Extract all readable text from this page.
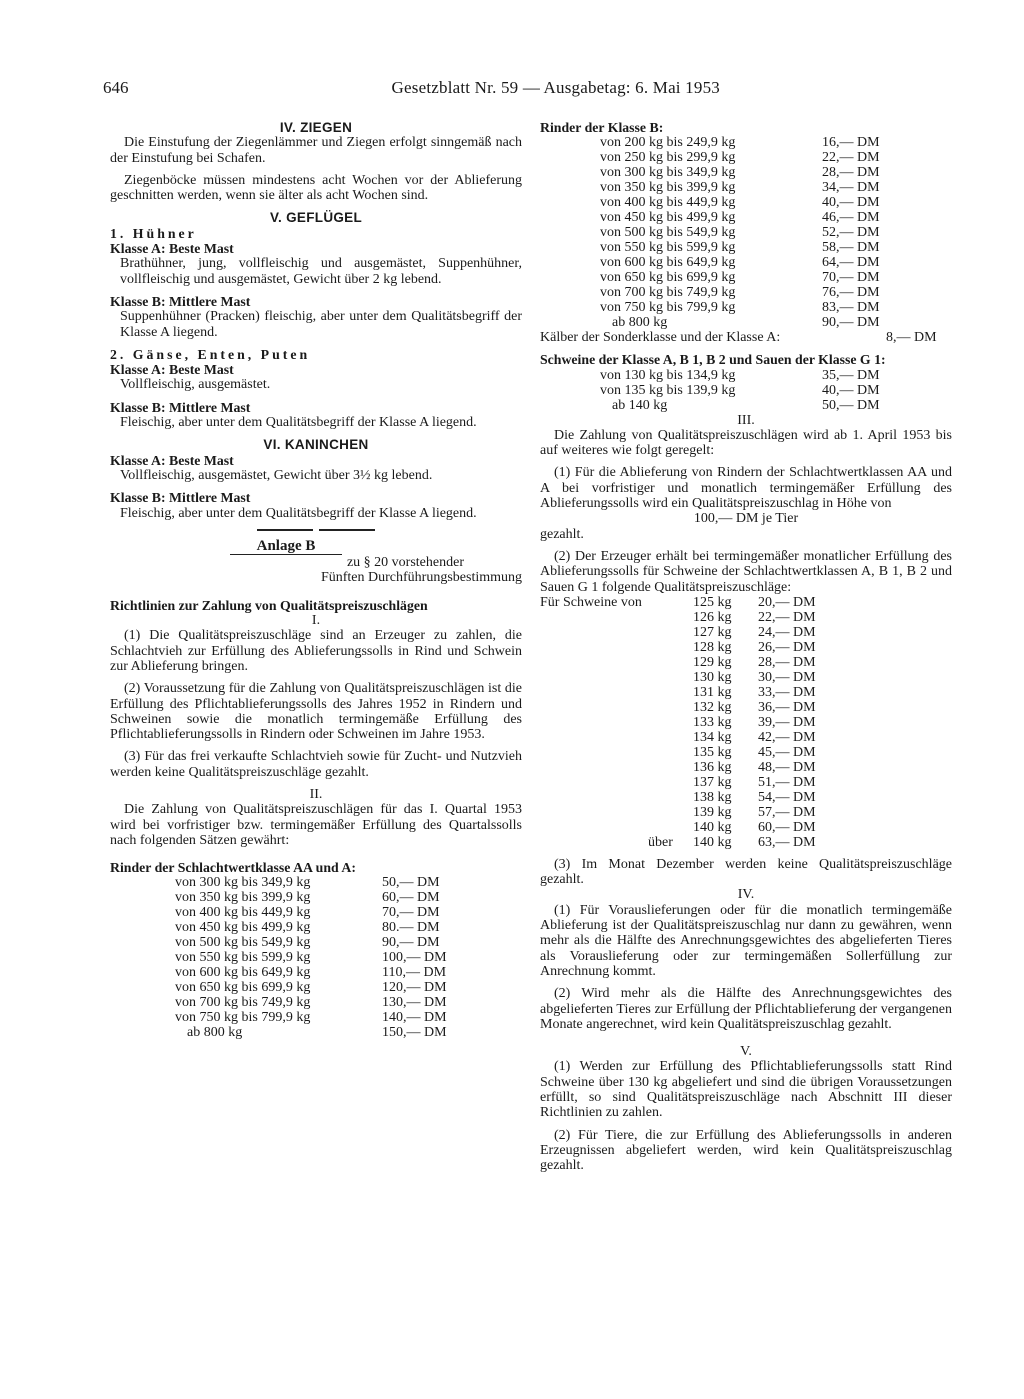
646	Gesetzblatt Nr. 59 — Ausgabetag: 6. Mai 1953

IV. ZIEGEN

Die Einstufung der Ziegenlämmer und Ziegen erfolgt sinngemäß nach der Einstufung bei Schafen.

Ziegenböcke müssen mindestens acht Wochen vor der Ablieferung geschnitten werden, wenn sie älter als acht Wochen sind.

V. GEFLÜGEL

1. Hühner

Klasse A: Beste Mast

Brathühner, jung, vollfleischig und ausgemästet, Suppenhühner, vollfleischig und ausgemästet, Gewicht über 2 kg lebend.

Klasse B: Mittlere Mast

Suppenhühner (Pracken) fleischig, aber unter dem Qualitätsbegriff der Klasse A liegend.

2. Gänse, Enten, Puten

Klasse A: Beste Mast

Vollfleischig, ausgemästet.

Klasse B: Mittlere Mast

Fleischig, aber unter dem Qualitätsbegriff der Klasse A liegend.

VI. KANINCHEN

Klasse A: Beste Mast

Vollfleischig, ausgemästet, Gewicht über 3½ kg lebend.

Klasse B: Mittlere Mast

Fleischig, aber unter dem Qualitätsbegriff der Klasse A liegend.

Anlage B

zu § 20 vorstehender

Fünften Durchführungsbestimmung

Richtlinien zur Zahlung von Qualitätspreiszuschlägen

I.

(1) Die Qualitätspreiszuschläge sind an Erzeuger zu zahlen, die Schlachtvieh zur Erfüllung des Ablieferungssolls in Rind und Schwein zur Ablieferung bringen.

(2) Voraussetzung für die Zahlung von Qualitätspreiszuschlägen ist die Erfüllung des Pflichtablieferungssolls des Jahres 1952 in Rindern und Schweinen sowie die monatlich termingemäße Erfüllung des Pflichtablieferungssolls in Rindern oder Schweinen im Jahre 1953.

(3) Für das frei verkaufte Schlachtvieh sowie für Zucht- und Nutzvieh werden keine Qualitätspreiszuschläge gezahlt.

II.

Die Zahlung von Qualitätspreiszuschlägen für das I. Quartal 1953 wird bei vorfristiger bzw. termingemäßer Erfüllung des Quartalssolls nach folgenden Sätzen gewährt:

Rinder der Schlachtwertklasse AA und A:

von 300 kg bis 349,9 kg	50,— DM
von 350 kg bis 399,9 kg	60,— DM
von 400 kg bis 449,9 kg	70,— DM
von 450 kg bis 499,9 kg	80.— DM
von 500 kg bis 549,9 kg	90,— DM
von 550 kg bis 599,9 kg	100,— DM
von 600 kg bis 649,9 kg	110,— DM
von 650 kg bis 699,9 kg	120,— DM
von 700 kg bis 749,9 kg	130,— DM
von 750 kg bis 799,9 kg	140,— DM
ab 800 kg	150,— DM

Rinder der Klasse B:

von 200 kg bis 249,9 kg	16,— DM
von 250 kg bis 299,9 kg	22,— DM
von 300 kg bis 349,9 kg	28,— DM
von 350 kg bis 399,9 kg	34,— DM
von 400 kg bis 449,9 kg	40,— DM
von 450 kg bis 499,9 kg	46,— DM
von 500 kg bis 549,9 kg	52,— DM
von 550 kg bis 599,9 kg	58,— DM
von 600 kg bis 649,9 kg	64,— DM
von 650 kg bis 699,9 kg	70,— DM
von 700 kg bis 749,9 kg	76,— DM
von 750 kg bis 799,9 kg	83,— DM
ab 800 kg	90,— DM
Kälber der Sonderklasse und der Klasse A:	8,— DM

Schweine der Klasse A, B 1, B 2 und Sauen der Klasse G 1:

von 130 kg bis 134,9 kg	35,— DM
von 135 kg bis 139,9 kg	40,— DM
ab 140 kg	50,— DM

III.

Die Zahlung von Qualitätspreiszuschlägen wird ab 1. April 1953 bis auf weiteres wie folgt geregelt:

(1) Für die Ablieferung von Rindern der Schlachtwertklassen AA und A bei vorfristiger und monatlich termingemäßer Erfüllung des Ablieferungssolls wird ein Qualitätspreiszuschlag in Höhe von

100,— DM je Tier

gezahlt.

(2) Der Erzeuger erhält bei termingemäßer monatlicher Erfüllung des Ablieferungssolls für Schweine der Schlachtwertklassen A, B 1, B 2 und Sauen G 1 folgende Qualitätspreiszuschläge:

Für Schweine von	125 kg 20,— DM
126 kg 22,— DM
127 kg 24,— DM
128 kg 26,— DM
129 kg 28,— DM
130 kg 30,— DM
131 kg 33,— DM
132 kg 36,— DM
133 kg 39,— DM
134 kg 42,— DM
135 kg 45,— DM
136 kg 48,— DM
137 kg 51,— DM
138 kg 54,— DM
139 kg 57,— DM
140 kg 60,— DM
über 140 kg 63,— DM

(3) Im Monat Dezember werden keine Qualitätspreiszuschläge gezahlt.

IV.

(1) Für Vorauslieferungen oder für die monatlich termingemäße Ablieferung ist der Qualitätspreiszuschlag nur dann zu gewähren, wenn mehr als die Hälfte des Anrechnungsgewichtes des abgelieferten Tieres als Vorauslieferung oder zur termingemäßen Sollerfüllung zur Anrechnung kommt.

(2) Wird mehr als die Hälfte des Anrechnungsgewichtes des abgelieferten Tieres zur Erfüllung der Pflichtablieferung der vergangenen Monate angerechnet, wird kein Qualitätspreiszuschlag gezahlt.

V.

(1) Werden zur Erfüllung des Pflichtablieferungssolls statt Rind Schweine über 130 kg abgeliefert und sind die übrigen Voraussetzungen erfüllt, so sind Qualitätspreiszuschläge nach Abschnitt III dieser Richtlinien zu zahlen.

(2) Für Tiere, die zur Erfüllung des Ablieferungssolls in anderen Erzeugnissen abgeliefert werden, wird kein Qualitätspreiszuschlag gezahlt.
